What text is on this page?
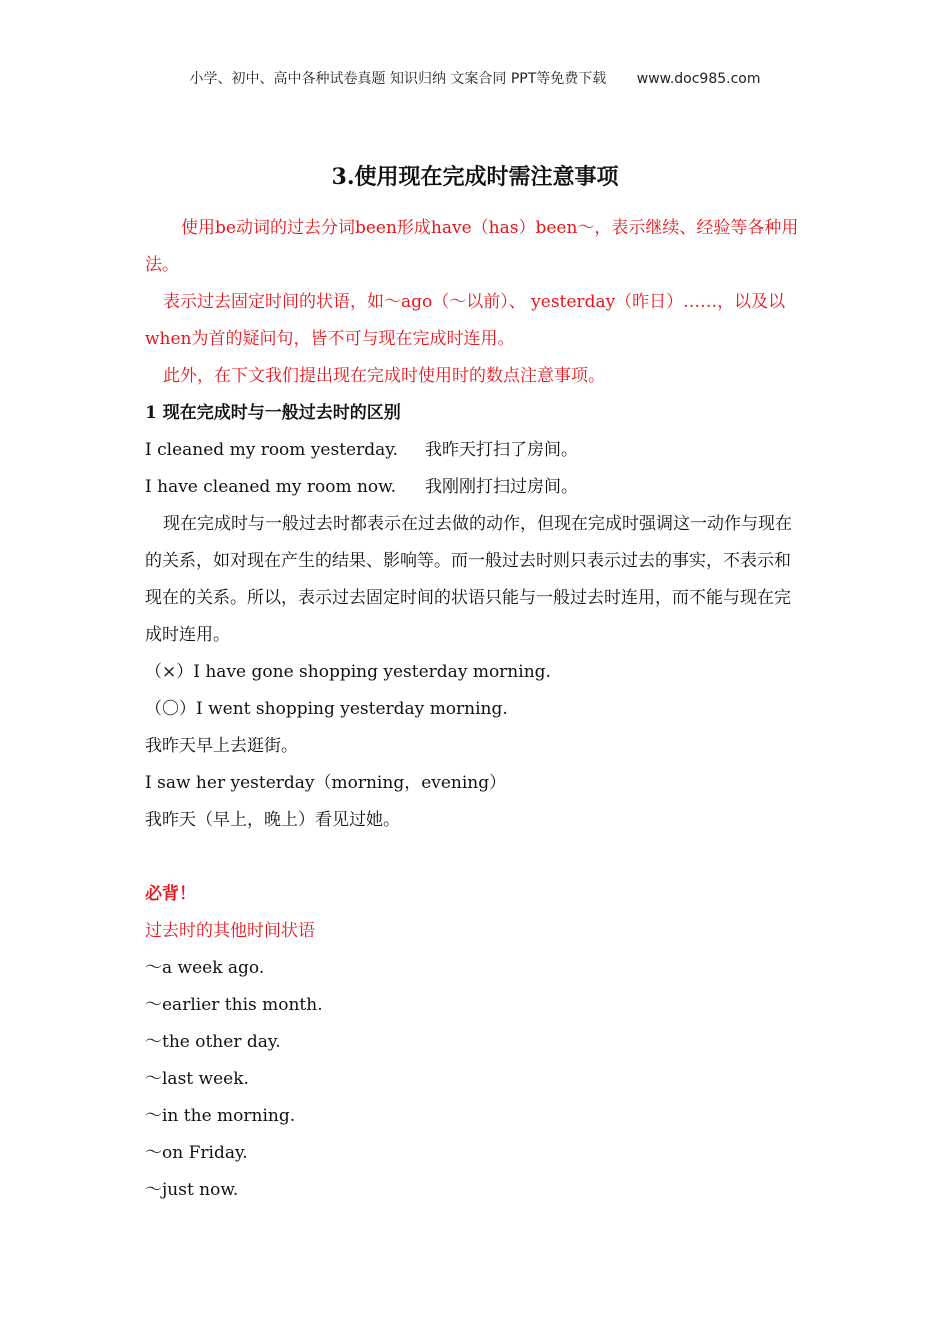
小学、初中、高中各种试卷真题 知识归纳 文案合同 PPT等免费下载 www.doc985.com
3.使用现在完成时需注意事项

使用be动词的过去分词been形成have（has）been～，表示继续、经验等各种用法。

表示过去固定时间的状语，如～ago（～以前）、 yesterday（昨日）……，以及以when为首的疑问句，皆不可与现在完成时连用。

此外，在下文我们提出现在完成时使用时的数点注意事项。

1 现在完成时与一般过去时的区别

I cleaned my room yesterday.	我昨天打扫了房间。
I have cleaned my room now.	我刚刚打扫过房间。

现在完成时与一般过去时都表示在过去做的动作，但现在完成时强调这一动作与现在的关系，如对现在产生的结果、影响等。而一般过去时则只表示过去的事实，不表示和现在的关系。所以，表示过去固定时间的状语只能与一般过去时连用，而不能与现在完成时连用。

（×）I have gone shopping yesterday morning.

（〇）I went shopping yesterday morning.

我昨天早上去逛街。

I saw her yesterday（morning，evening）

我昨天（早上，晚上）看见过她。

必背！

过去时的其他时间状语

～a week ago.

～earlier this month.

～the other day.

～last week.

～in the morning.

～on Friday.

～just now.
